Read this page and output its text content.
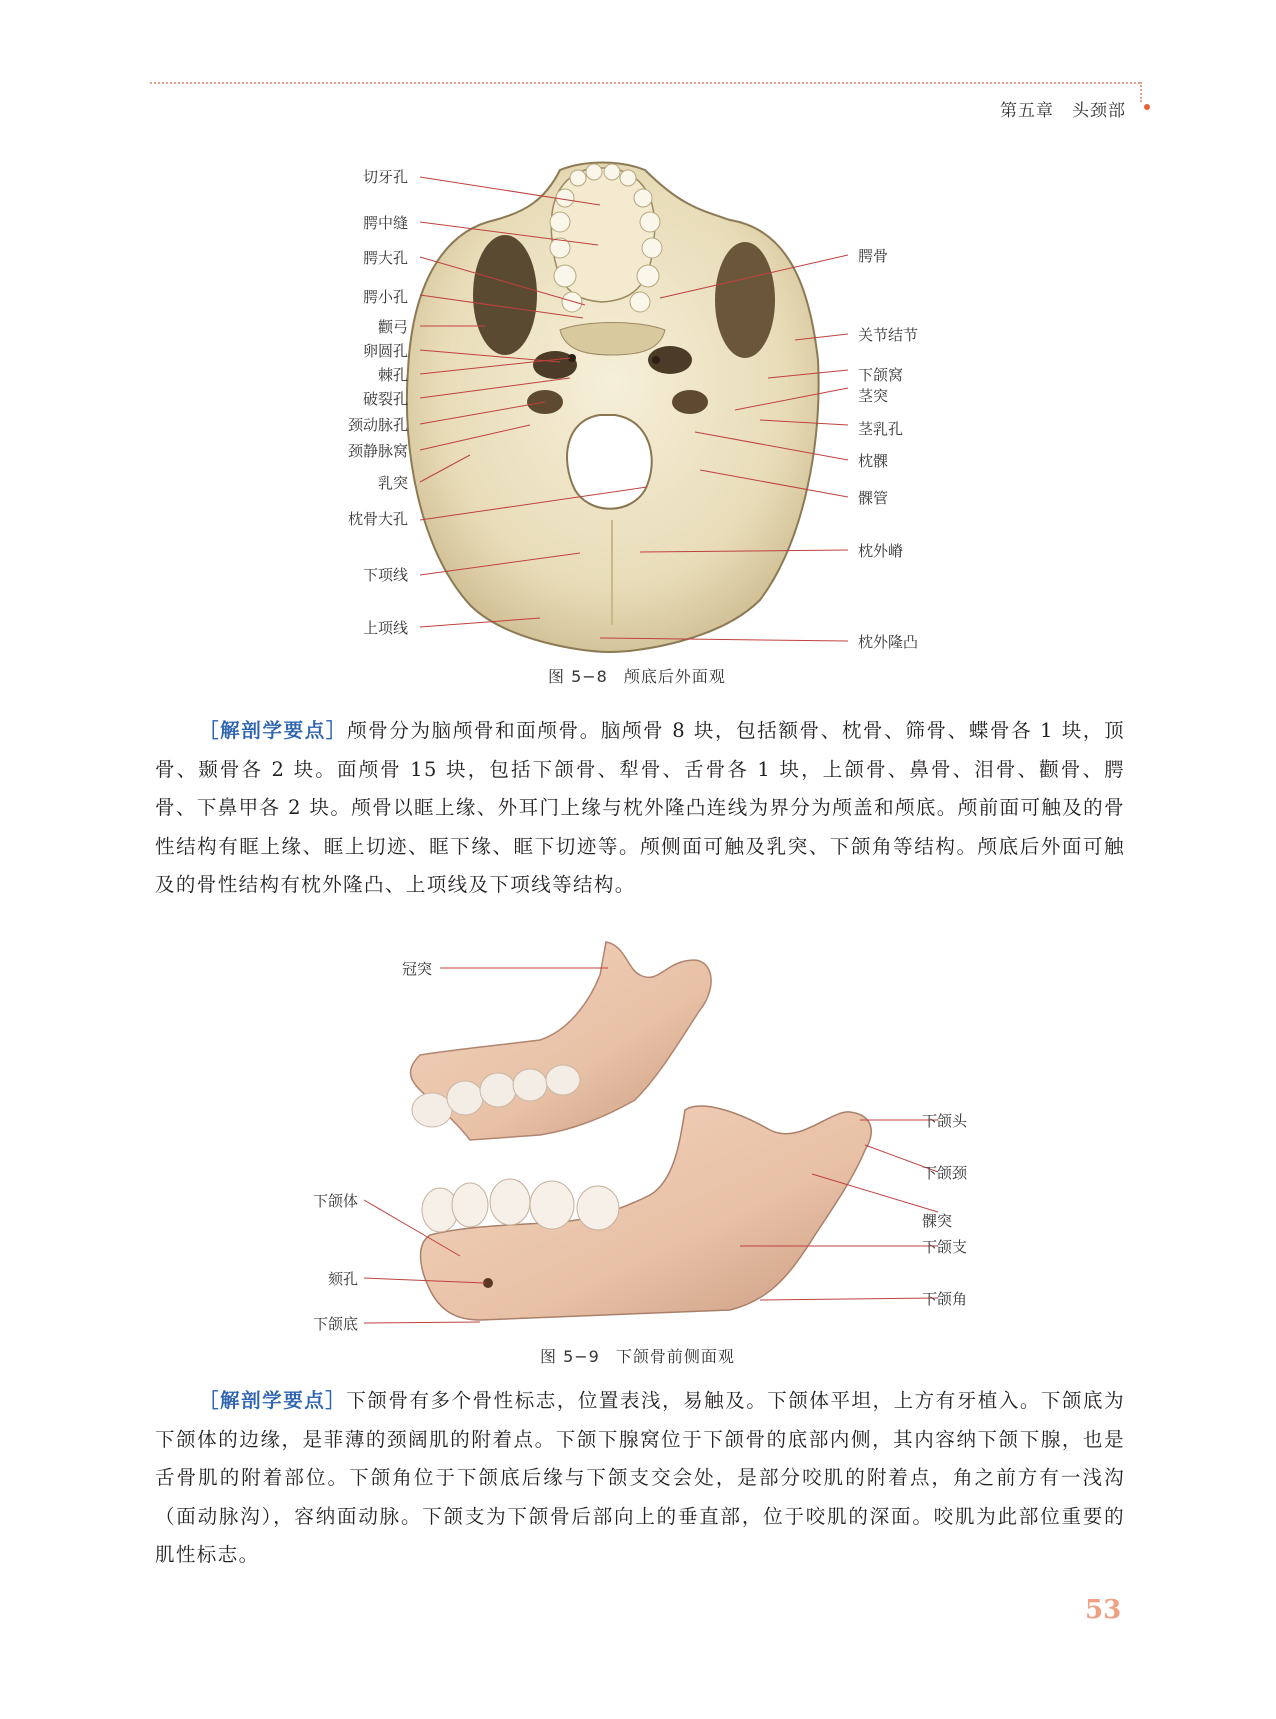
第五章　头颈部
切牙孔
腭中缝
腭大孔
腭小孔
颧弓
卵圆孔
棘孔
破裂孔
颈动脉孔
颈静脉窝
乳突
枕骨大孔
下项线
上项线
腭骨
关节结节
下颌窝
茎突
茎乳孔
枕髁
髁管
枕外嵴
枕外隆凸
图 5−8 颅底后外面观
［解剖学要点］颅骨分为脑颅骨和面颅骨。脑颅骨 8 块，包括额骨、枕骨、筛骨、蝶骨各 1 块，顶骨、颞骨各 2 块。面颅骨 15 块，包括下颌骨、犁骨、舌骨各 1 块，上颌骨、鼻骨、泪骨、颧骨、腭骨、下鼻甲各 2 块。颅骨以眶上缘、外耳门上缘与枕外隆凸连线为界分为颅盖和颅底。颅前面可触及的骨性结构有眶上缘、眶上切迹、眶下缘、眶下切迹等。颅侧面可触及乳突、下颌角等结构。颅底后外面可触及的骨性结构有枕外隆凸、上项线及下项线等结构。
冠突
下颌体
颏孔
下颌底
下颌头
下颌颈
髁突
下颌支
下颌角
图 5−9 下颌骨前侧面观
［解剖学要点］下颌骨有多个骨性标志，位置表浅，易触及。下颌体平坦，上方有牙植入。下颌底为下颌体的边缘，是菲薄的颈阔肌的附着点。下颌下腺窝位于下颌骨的底部内侧，其内容纳下颌下腺，也是舌骨肌的附着部位。下颌角位于下颌底后缘与下颌支交会处，是部分咬肌的附着点，角之前方有一浅沟（面动脉沟），容纳面动脉。下颌支为下颌骨后部向上的垂直部，位于咬肌的深面。咬肌为此部位重要的肌性标志。
53
